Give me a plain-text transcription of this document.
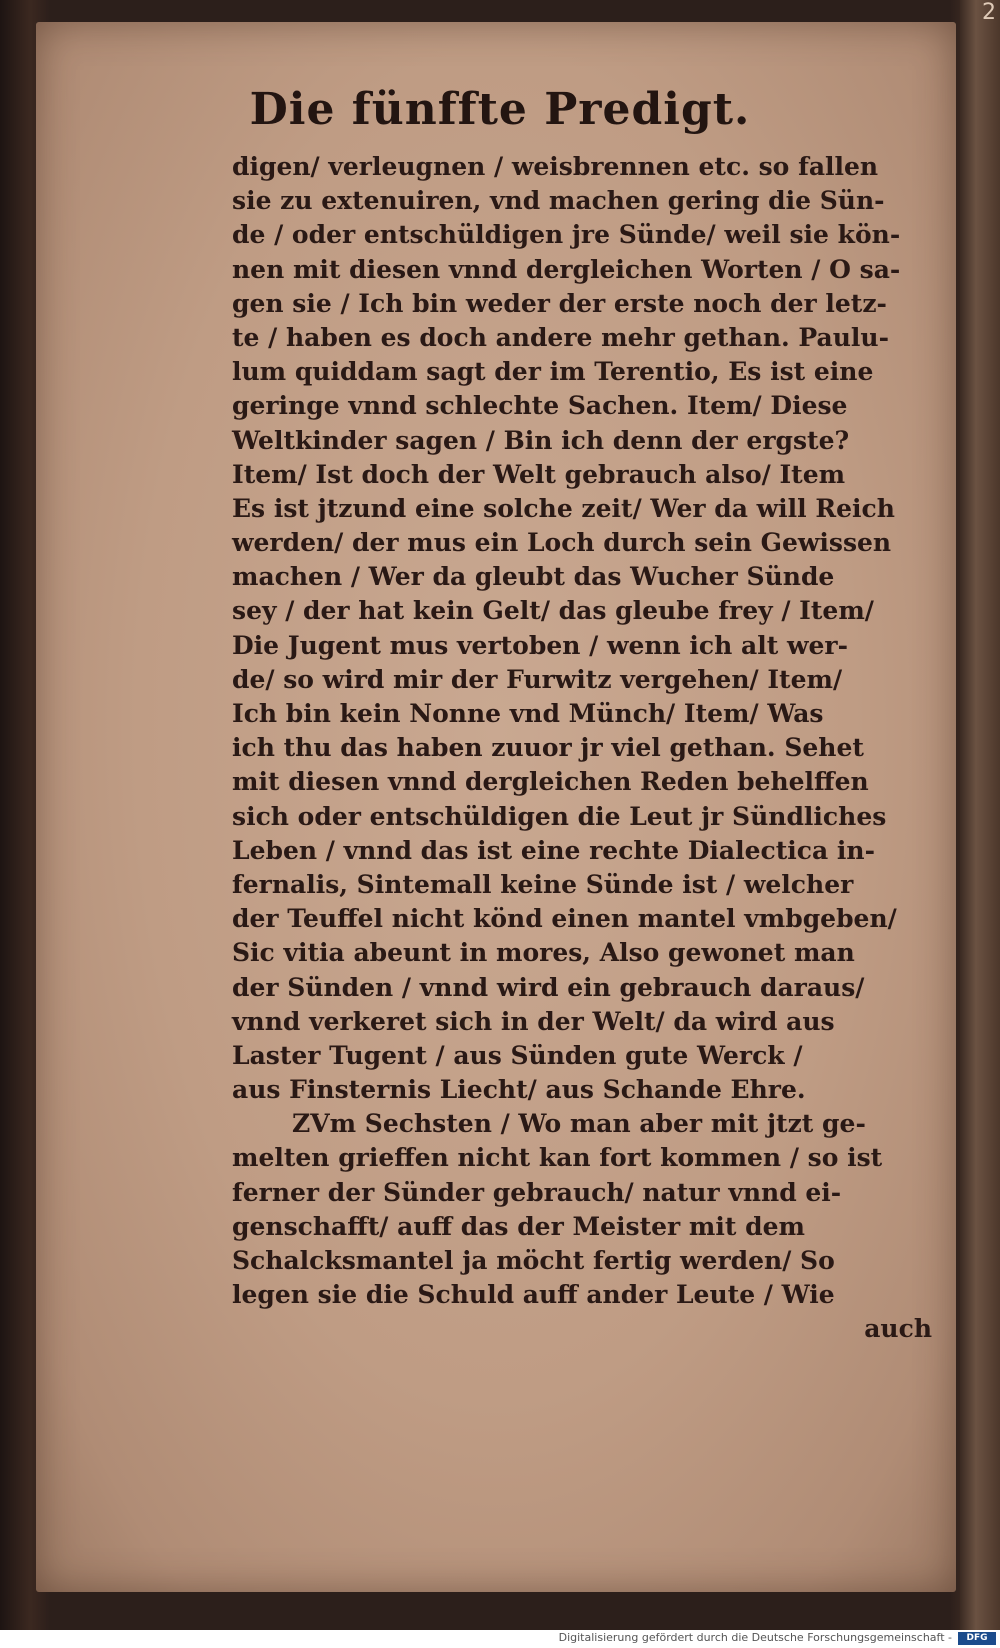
2
Die fünffte Predigt.
digen/ verleugnen / weisbrennen etc. so fallen
sie zu extenuiren, vnd machen gering die Sün-
de / oder entschüldigen jre Sünde/ weil sie kön-
nen mit diesen vnnd dergleichen Worten / O sa-
gen sie / Ich bin weder der erste noch der letz-
te / haben es doch andere mehr gethan. Paulu-
lum quiddam sagt der im Terentio, Es ist eine
geringe vnnd schlechte Sachen. Item/ Diese
Weltkinder sagen / Bin ich denn der ergste?
Item/ Ist doch der Welt gebrauch also/ Item
Es ist jtzund eine solche zeit/ Wer da will Reich
werden/ der mus ein Loch durch sein Gewissen
machen / Wer da gleubt das Wucher Sünde
sey / der hat kein Gelt/ das gleube frey / Item/
Die Jugent mus vertoben / wenn ich alt wer-
de/ so wird mir der Furwitz vergehen/ Item/
Ich bin kein Nonne vnd Münch/ Item/ Was
ich thu das haben zuuor jr viel gethan. Sehet
mit diesen vnnd dergleichen Reden behelffen
sich oder entschüldigen die Leut jr Sündliches
Leben / vnnd das ist eine rechte Dialectica in-
fernalis, Sintemall keine Sünde ist / welcher
der Teuffel nicht könd einen mantel vmbgeben/
Sic vitia abeunt in mores, Also gewonet man
der Sünden / vnnd wird ein gebrauch daraus/
vnnd verkeret sich in der Welt/ da wird aus
Laster Tugent / aus Sünden gute Werck /
aus Finsternis Liecht/ aus Schande Ehre.
ZVm Sechsten / Wo man aber mit jtzt ge-
melten grieffen nicht kan fort kommen / so ist
ferner der Sünder gebrauch/ natur vnnd ei-
genschafft/ auff das der Meister mit dem
Schalcksmantel ja möcht fertig werden/ So
legen sie die Schuld auff ander Leute / Wie
auch
Digitalisierung gefördert durch die Deutsche Forschungsgemeinschaft -	DFG
